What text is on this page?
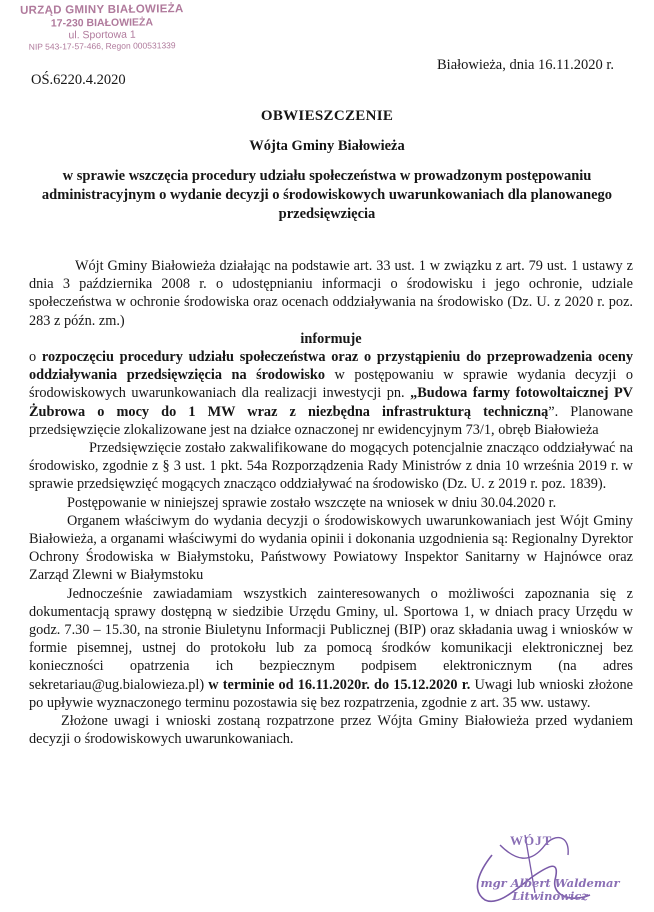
URZĄD GMINY BIAŁOWIEŻA
17-230 BIAŁOWIEŻA
ul. Sportowa 1
NIP 543-17-57-466, Regon 000531339
Białowieża, dnia 16.11.2020 r.
OŚ.6220.4.2020
OBWIESZCZENIE
Wójta Gminy Białowieża
w sprawie wszczęcia procedury udziału społeczeństwa w prowadzonym postępowaniu administracyjnym o wydanie decyzji o środowiskowych uwarunkowaniach dla planowanego przedsięwzięcia

Wójt Gminy Białowieża działając na podstawie art. 33 ust. 1 w związku z art. 79 ust. 1 ustawy z dnia 3 października 2008 r. o udostępnianiu informacji o środowisku i jego ochronie, udziale społeczeństwa w ochronie środowiska oraz ocenach oddziaływania na środowisko (Dz. U. z 2020 r. poz. 283 z późn. zm.)

informuje

o rozpoczęciu procedury udziału społeczeństwa oraz o przystąpieniu do przeprowadzenia oceny oddziaływania przedsięwzięcia na środowisko w postępowaniu w sprawie wydania decyzji o środowiskowych uwarunkowaniach dla realizacji inwestycji pn. „Budowa farmy fotowoltaicznej PV Żubrowa o mocy do 1 MW wraz z niezbędna infrastrukturą techniczną”. Planowane przedsięwzięcie zlokalizowane jest na działce oznaczonej nr ewidencyjnym 73/1, obręb Białowieża

Przedsięwzięcie zostało zakwalifikowane do mogących potencjalnie znacząco oddziaływać na środowisko, zgodnie z § 3 ust. 1 pkt. 54a Rozporządzenia Rady Ministrów z dnia 10 września 2019 r. w sprawie przedsięwzięć mogących znacząco oddziaływać na środowisko (Dz. U. z 2019 r. poz. 1839).

Postępowanie w niniejszej sprawie zostało wszczęte na wniosek w dniu 30.04.2020 r.

Organem właściwym do wydania decyzji o środowiskowych uwarunkowaniach jest Wójt Gminy Białowieża, a organami właściwymi do wydania opinii i dokonania uzgodnienia są: Regionalny Dyrektor Ochrony Środowiska w Białymstoku, Państwowy Powiatowy Inspektor Sanitarny w Hajnówce oraz Zarząd Zlewni w Białymstoku

Jednocześnie zawiadamiam wszystkich zainteresowanych o możliwości zapoznania się z dokumentacją sprawy dostępną w siedzibie Urzędu Gminy, ul. Sportowa 1, w dniach pracy Urzędu w godz. 7.30 – 15.30, na stronie Biuletynu Informacji Publicznej (BIP) oraz składania uwag i wniosków w formie pisemnej, ustnej do protokołu lub za pomocą środków komunikacji elektronicznej bez konieczności opatrzenia ich bezpiecznym podpisem elektronicznym (na adres sekretariau@ug.bialowieza.pl) w terminie od 16.11.2020r. do 15.12.2020 r. Uwagi lub wnioski złożone po upływie wyznaczonego terminu pozostawia się bez rozpatrzenia, zgodnie z art. 35 ww. ustawy.

Złożone uwagi i wnioski zostaną rozpatrzone przez Wójta Gminy Białowieża przed wydaniem decyzji o środowiskowych uwarunkowaniach.

WÓJT
mgr Albert Waldemar
Litwinowicz
